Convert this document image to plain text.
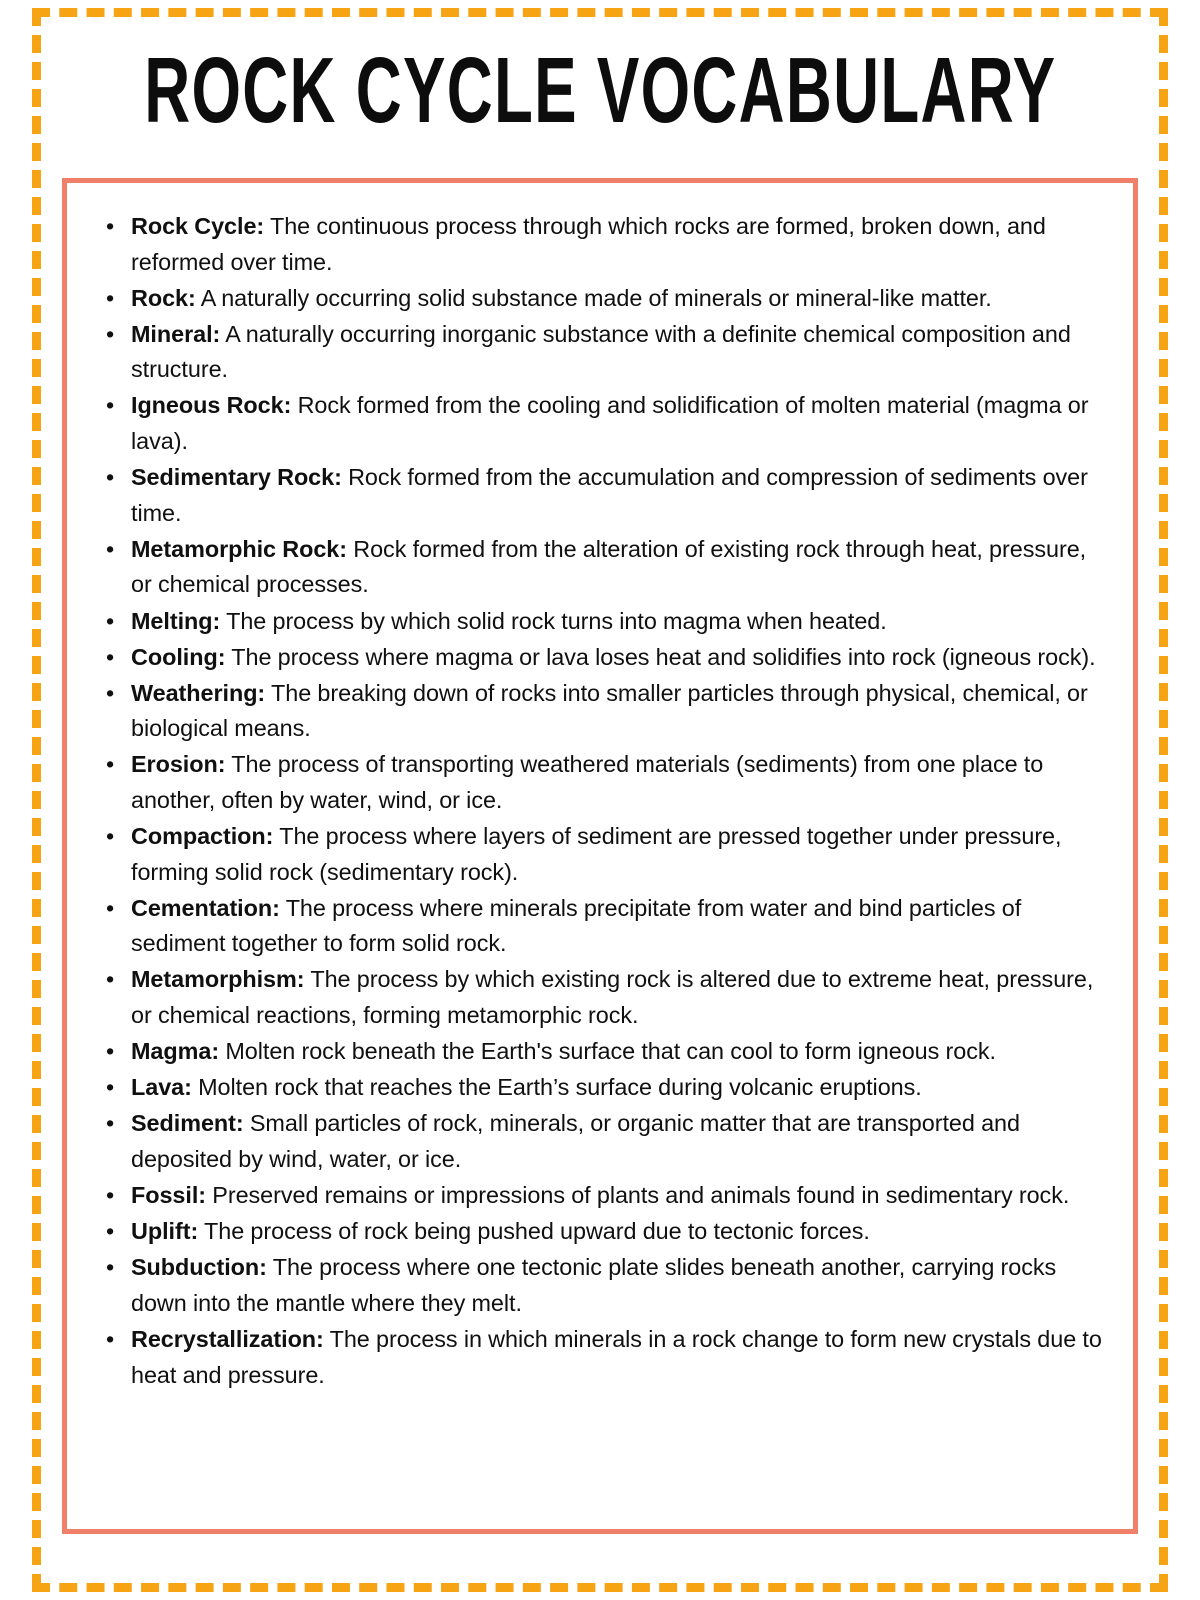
ROCK CYCLE VOCABULARY
• Rock Cycle: The continuous process through which rocks are formed, broken down, and reformed over time.
• Rock: A naturally occurring solid substance made of minerals or mineral-like matter.
• Mineral: A naturally occurring inorganic substance with a definite chemical composition and structure.
• Igneous Rock: Rock formed from the cooling and solidification of molten material (magma or lava).
• Sedimentary Rock: Rock formed from the accumulation and compression of sediments over time.
• Metamorphic Rock: Rock formed from the alteration of existing rock through heat, pressure, or chemical processes.
• Melting: The process by which solid rock turns into magma when heated.
• Cooling: The process where magma or lava loses heat and solidifies into rock (igneous rock).
• Weathering: The breaking down of rocks into smaller particles through physical, chemical, or biological means.
• Erosion: The process of transporting weathered materials (sediments) from one place to another, often by water, wind, or ice.
• Compaction: The process where layers of sediment are pressed together under pressure, forming solid rock (sedimentary rock).
• Cementation: The process where minerals precipitate from water and bind particles of sediment together to form solid rock.
• Metamorphism: The process by which existing rock is altered due to extreme heat, pressure, or chemical reactions, forming metamorphic rock.
• Magma: Molten rock beneath the Earth's surface that can cool to form igneous rock.
• Lava: Molten rock that reaches the Earth’s surface during volcanic eruptions.
• Sediment: Small particles of rock, minerals, or organic matter that are transported and deposited by wind, water, or ice.
• Fossil: Preserved remains or impressions of plants and animals found in sedimentary rock.
• Uplift: The process of rock being pushed upward due to tectonic forces.
• Subduction: The process where one tectonic plate slides beneath another, carrying rocks down into the mantle where they melt.
• Recrystallization: The process in which minerals in a rock change to form new crystals due to heat and pressure.
